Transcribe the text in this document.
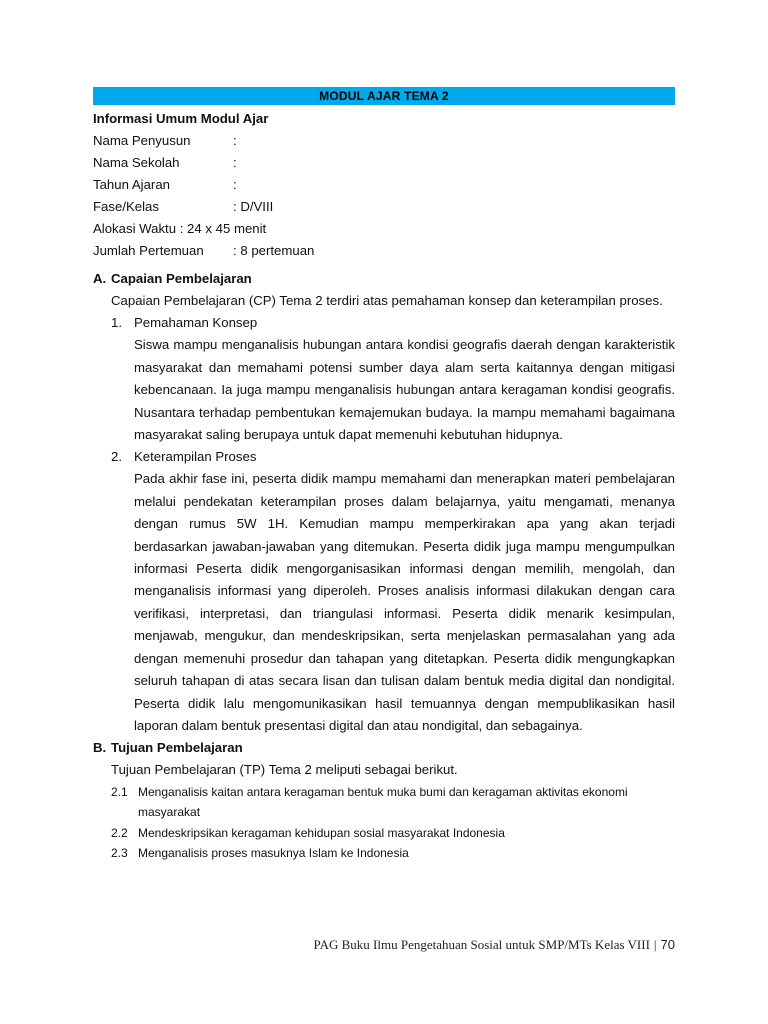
MODUL AJAR TEMA 2
Informasi Umum Modul Ajar
Nama Penyusun	:
Nama Sekolah	:
Tahun Ajaran	:
Fase/Kelas	: D/VIII
Alokasi Waktu : 24 x 45 menit
Jumlah Pertemuan	: 8 pertemuan
A. Capaian Pembelajaran
Capaian Pembelajaran (CP) Tema 2 terdiri atas pemahaman konsep dan keterampilan proses.
1. Pemahaman Konsep
Siswa mampu menganalisis hubungan antara kondisi geografis daerah dengan karakteristik masyarakat dan memahami potensi sumber daya alam serta kaitannya dengan mitigasi kebencanaan. Ia juga mampu menganalisis hubungan antara keragaman kondisi geografis. Nusantara terhadap pembentukan kemajemukan budaya. Ia mampu memahami bagaimana masyarakat saling berupaya untuk dapat memenuhi kebutuhan hidupnya.
2. Keterampilan Proses
Pada akhir fase ini, peserta didik mampu memahami dan menerapkan materi pembelajaran melalui pendekatan keterampilan proses dalam belajarnya, yaitu mengamati, menanya dengan rumus 5W 1H. Kemudian mampu memperkirakan apa yang akan terjadi berdasarkan jawaban-jawaban yang ditemukan. Peserta didik juga mampu mengumpulkan informasi Peserta didik mengorganisasikan informasi dengan memilih, mengolah, dan menganalisis informasi yang diperoleh. Proses analisis informasi dilakukan dengan cara verifikasi, interpretasi, dan triangulasi informasi. Peserta didik menarik kesimpulan, menjawab, mengukur, dan mendeskripsikan, serta menjelaskan permasalahan yang ada dengan memenuhi prosedur dan tahapan yang ditetapkan. Peserta didik mengungkapkan seluruh tahapan di atas secara lisan dan tulisan dalam bentuk media digital dan nondigital. Peserta didik lalu mengomunikasikan hasil temuannya dengan mempublikasikan hasil laporan dalam bentuk presentasi digital dan atau nondigital, dan sebagainya.
B. Tujuan Pembelajaran
Tujuan Pembelajaran (TP) Tema 2 meliputi sebagai berikut.
2.1 Menganalisis kaitan antara keragaman bentuk muka bumi dan keragaman aktivitas ekonomi masyarakat
2.2 Mendeskripsikan keragaman kehidupan sosial masyarakat Indonesia
2.3 Menganalisis proses masuknya Islam ke Indonesia
PAG Buku Ilmu Pengetahuan Sosial untuk SMP/MTs Kelas VIII | 70
